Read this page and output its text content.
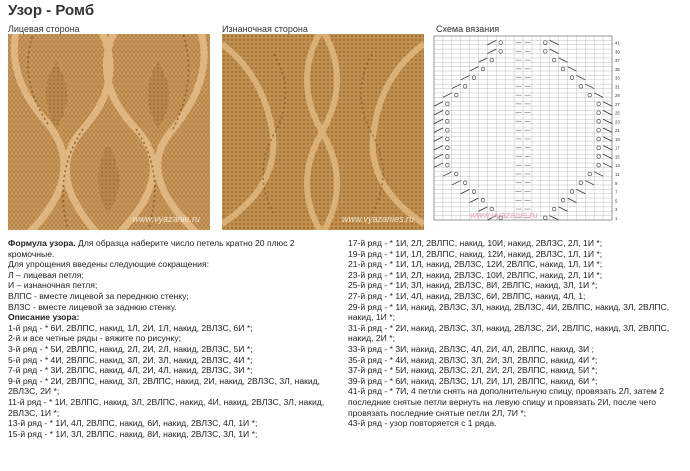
Узор - Ромб
Лицевая сторона	Изнаночная сторона	Схема вязания
www.vyazanie.ru	www.vyazanies.ru
41
39
37
35
33
31
29
27
25
23
21
19
17
15
13
11
9
7
5
3
1
www.vyazanie.ru

Формула узора. Для образца наберите число петель кратно 20 плюс 2 кромочные.

Для упрощения введены следующие сокращения:

Л – лицевая петля;

И – изнаночная петля;

ВЛПС - вместе лицевой за переднюю стенку;

ВЛЗС - вместе лицевой за заднюю стенку.

Описание узора:

1-й ряд - * 6И, 2ВЛПС, накид, 1Л, 2И, 1Л, накид, 2ВЛЗС, 6И *;

2-й и все четные ряды - вяжите по рисунку;

3-й ряд - * 5И, 2ВЛПС, накид, 2Л, 2И, 2Л, накид, 2ВЛЗС, 5И *;

5-й ряд - * 4И, 2ВЛПС, накид, 3Л, 2И, 3Л, накид, 2ВЛЗС, 4И *;

7-й ряд - * 3И, 2ВЛПС, накид, 4Л, 2И, 4Л, накид, 2ВЛЗС, 3И *;

9-й ряд - * 2И, 2ВЛПС, накид, 3Л, 2ВЛПС, накид, 2И, накид, 2ВЛЗС, 3Л, накид, 2ВЛЗС, 2И *;

11-й ряд - * 1И, 2ВЛПС, накид, 3Л, 2ВЛПС, накид, 4И, накид, 2ВЛЗС, 3Л, накид, 2ВЛЗС, 1И *;

13-й ряд - * 1И, 4Л, 2ВЛПС, накид, 6И, накид, 2ВЛЗС, 4Л, 1И *;

15-й ряд - * 1И, 3Л, 2ВЛПС, накид, 8И, накид, 2ВЛЗС, 3Л, 1И *;

17-й ряд - * 1И, 2Л, 2ВЛПС, накид, 10И, накид, 2ВЛЗС, 2Л, 1И *;

19-й ряд - * 1И, 1Л, 2ВЛПС, накид, 12И, накид, 2ВЛЗС, 1Л, 1И *;

21-й ряд - * 1И, 1Л, накид, 2ВЛЗС, 12И, 2ВЛПС, накид, 1Л, 1И *;

23-й ряд - * 1И, 2Л, накид, 2ВЛЗС, 10И, 2ВЛПС, накид, 2Л, 1И *;

25-й ряд - * 1И, 3Л, накид, 2ВЛЗС, 8И, 2ВЛПС, накид, 3Л, 1И *;

27-й ряд - * 1И, 4Л, накид, 2ВЛЗС, 6И, 2ВЛПС, накид, 4Л, 1;

29-й ряд - * 1И, накид, 2ВЛЗС, 3Л, накид, 2ВЛЗС, 4И, 2ВЛПС, накид, 3Л, 2ВЛПС, накид, 1И *;

31-й ряд - * 2И, накид, 2ВЛЗС, 3Л, накид, 2ВЛЗС, 2И, 2ВЛПС, накид, 3Л, 2ВЛПС, накид, 2И *;

33-й ряд - * 3И, накид, 2ВЛЗС, 4Л, 2И, 4Л, 2ВЛПС, накид, 3И ;

35-й ряд - * 4И, накид, 2ВЛЗС, 3Л, 2И, 3Л, 2ВЛПС, накид, 4И *;

37-й ряд - * 5И, накид, 2ВЛЗС, 2Л, 2И, 2Л, 2ВЛПС, накид, 5И *;

39-й ряд - * 6И, накид, 2ВЛЗС, 1Л, 2И, 1Л, 2ВЛПС, накид, 6И *;

41-й ряд - * 7И, 4 петли снять на дополнительную спицу, провязать 2Л, затем 2 последние снятые петли вернуть на левую спицу и провязать 2И, после чего провязать последние снятые петли 2Л, 7И *;

43-й ряд - узор повторяется с 1 ряда.
